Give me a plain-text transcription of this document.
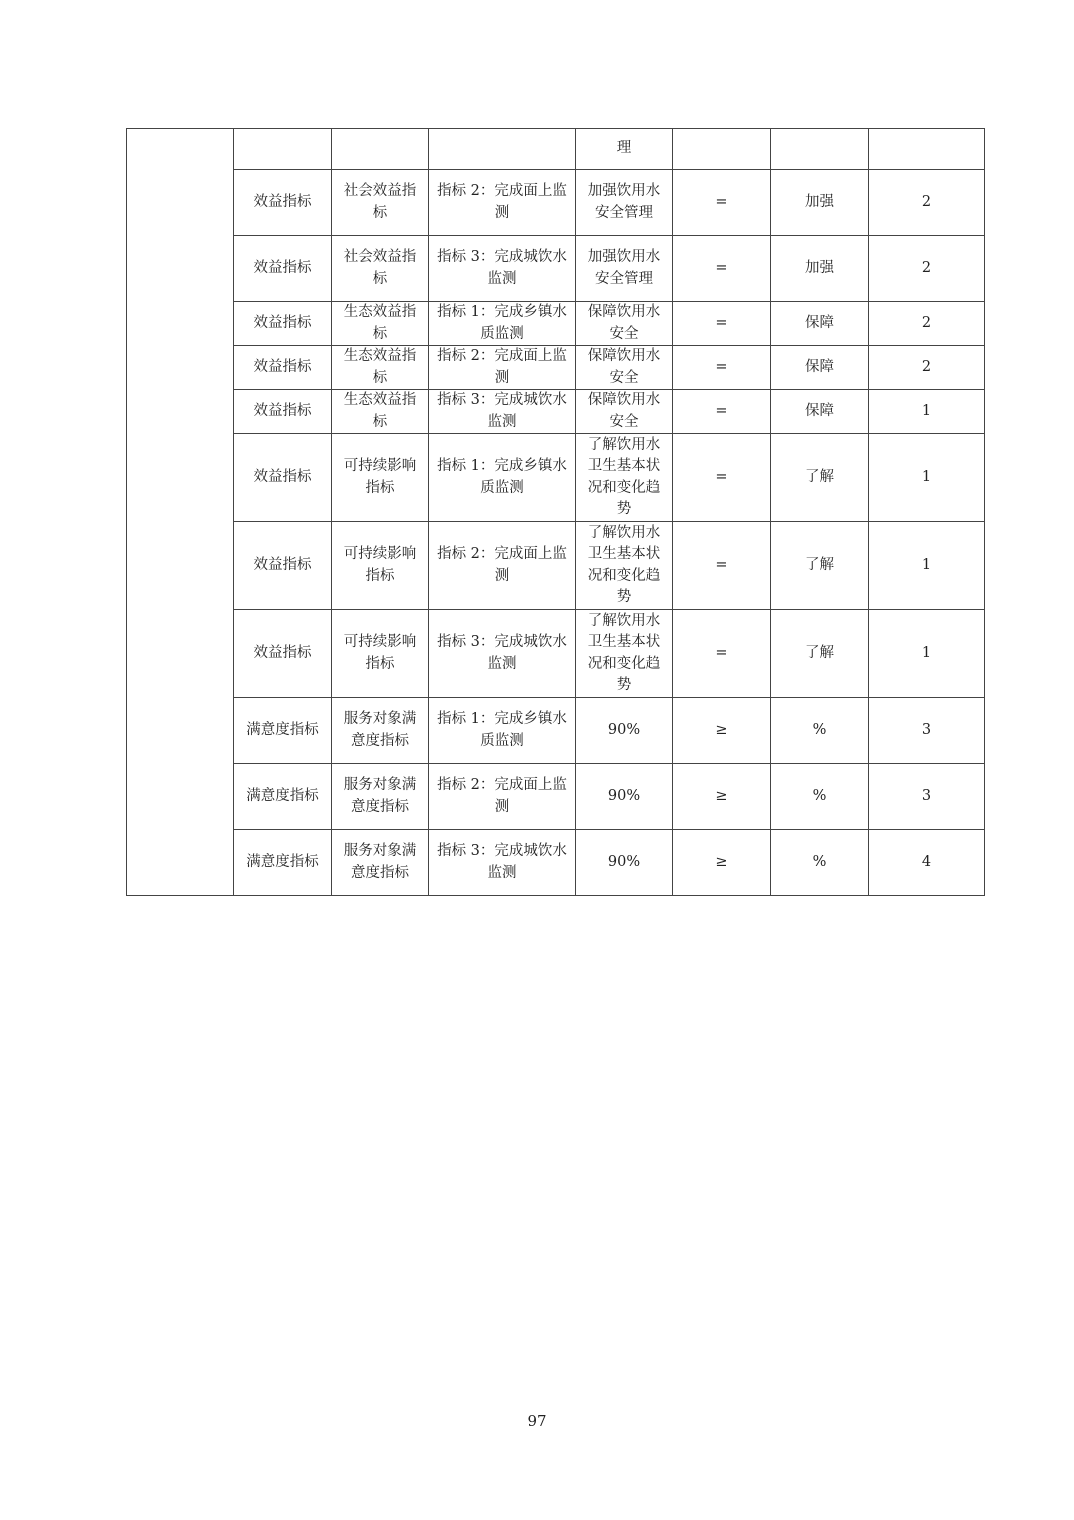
				理			
	效益指标	社会效益指标	指标 2：完成面上监测	加强饮用水安全管理	=	加强	2
	效益指标	社会效益指标	指标 3：完成城饮水监测	加强饮用水安全管理	=	加强	2
	效益指标	生态效益指标	指标 1：完成乡镇水质监测	保障饮用水安全	=	保障	2
	效益指标	生态效益指标	指标 2：完成面上监测	保障饮用水安全	=	保障	2
	效益指标	生态效益指标	指标 3：完成城饮水监测	保障饮用水安全	=	保障	1
	效益指标	可持续影响指标	指标 1：完成乡镇水质监测	了解饮用水卫生基本状况和变化趋势	=	了解	1
	效益指标	可持续影响指标	指标 2：完成面上监测	了解饮用水卫生基本状况和变化趋势	=	了解	1
	效益指标	可持续影响指标	指标 3：完成城饮水监测	了解饮用水卫生基本状况和变化趋势	=	了解	1
	满意度指标	服务对象满意度指标	指标 1：完成乡镇水质监测	90%	≥	%	3
	满意度指标	服务对象满意度指标	指标 2：完成面上监测	90%	≥	%	3
	满意度指标	服务对象满意度指标	指标 3：完成城饮水监测	90%	≥	%	4
97
